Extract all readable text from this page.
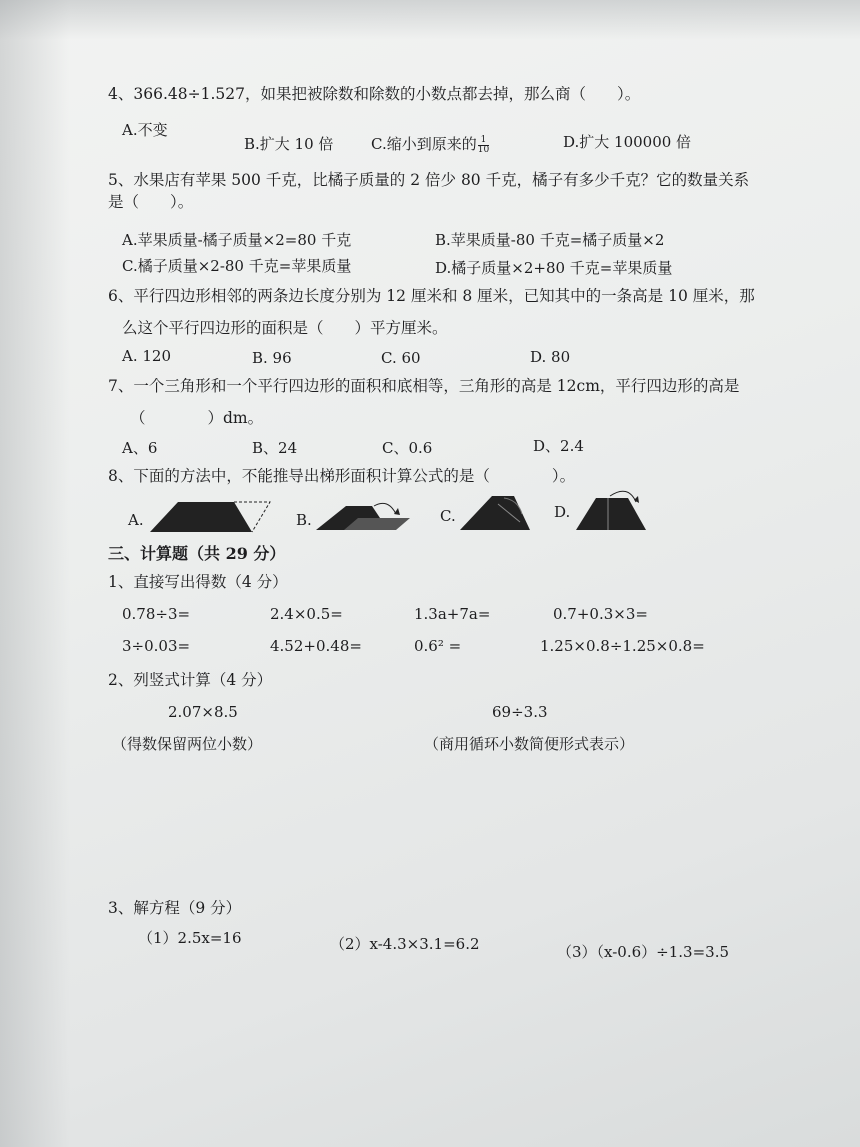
4、366.48÷1.527，如果把被除数和除数的小数点都去掉，那么商（　　）。
A.不变
B.扩大 10 倍	C.缩小到原来的 $\frac{1}{10}$	D.扩大 100000 倍
5、水果店有苹果 500 千克，比橘子质量的 2 倍少 80 千克，橘子有多少千克？它的数量关系
是（　　）。
A.苹果质量-橘子质量×2=80 千克	B.苹果质量-80 千克=橘子质量×2
C.橘子质量×2-80 千克=苹果质量	D.橘子质量×2+80 千克=苹果质量
6、平行四边形相邻的两条边长度分别为 12 厘米和 8 厘米，已知其中的一条高是 10 厘米，那
么这个平行四边形的面积是（　　）平方厘米。
A. 120	B. 96	C. 60	D. 80
7、一个三角形和一个平行四边形的面积和底相等，三角形的高是 12cm，平行四边形的高是
（　　　　）dm。
A、6	B、24	C、0.6	D、2.4
8、下面的方法中，不能推导出梯形面积计算公式的是（　　　　）。
A.	B.	C.	D.
三、计算题（共 29 分）
1、直接写出得数（4 分）
0.78÷3=	2.4×0.5=	1.3a+7a=	0.7+0.3×3=
3÷0.03=	4.52+0.48=	0.6² =	1.25×0.8÷1.25×0.8=
2、列竖式计算（4 分）
2.07×8.5	69÷3.3
（得数保留两位小数）	（商用循环小数简便形式表示）
3、解方程（9 分）
（1）2.5x=16	（2）x-4.3×3.1=6.2	（3）（x-0.6）÷1.3=3.5
